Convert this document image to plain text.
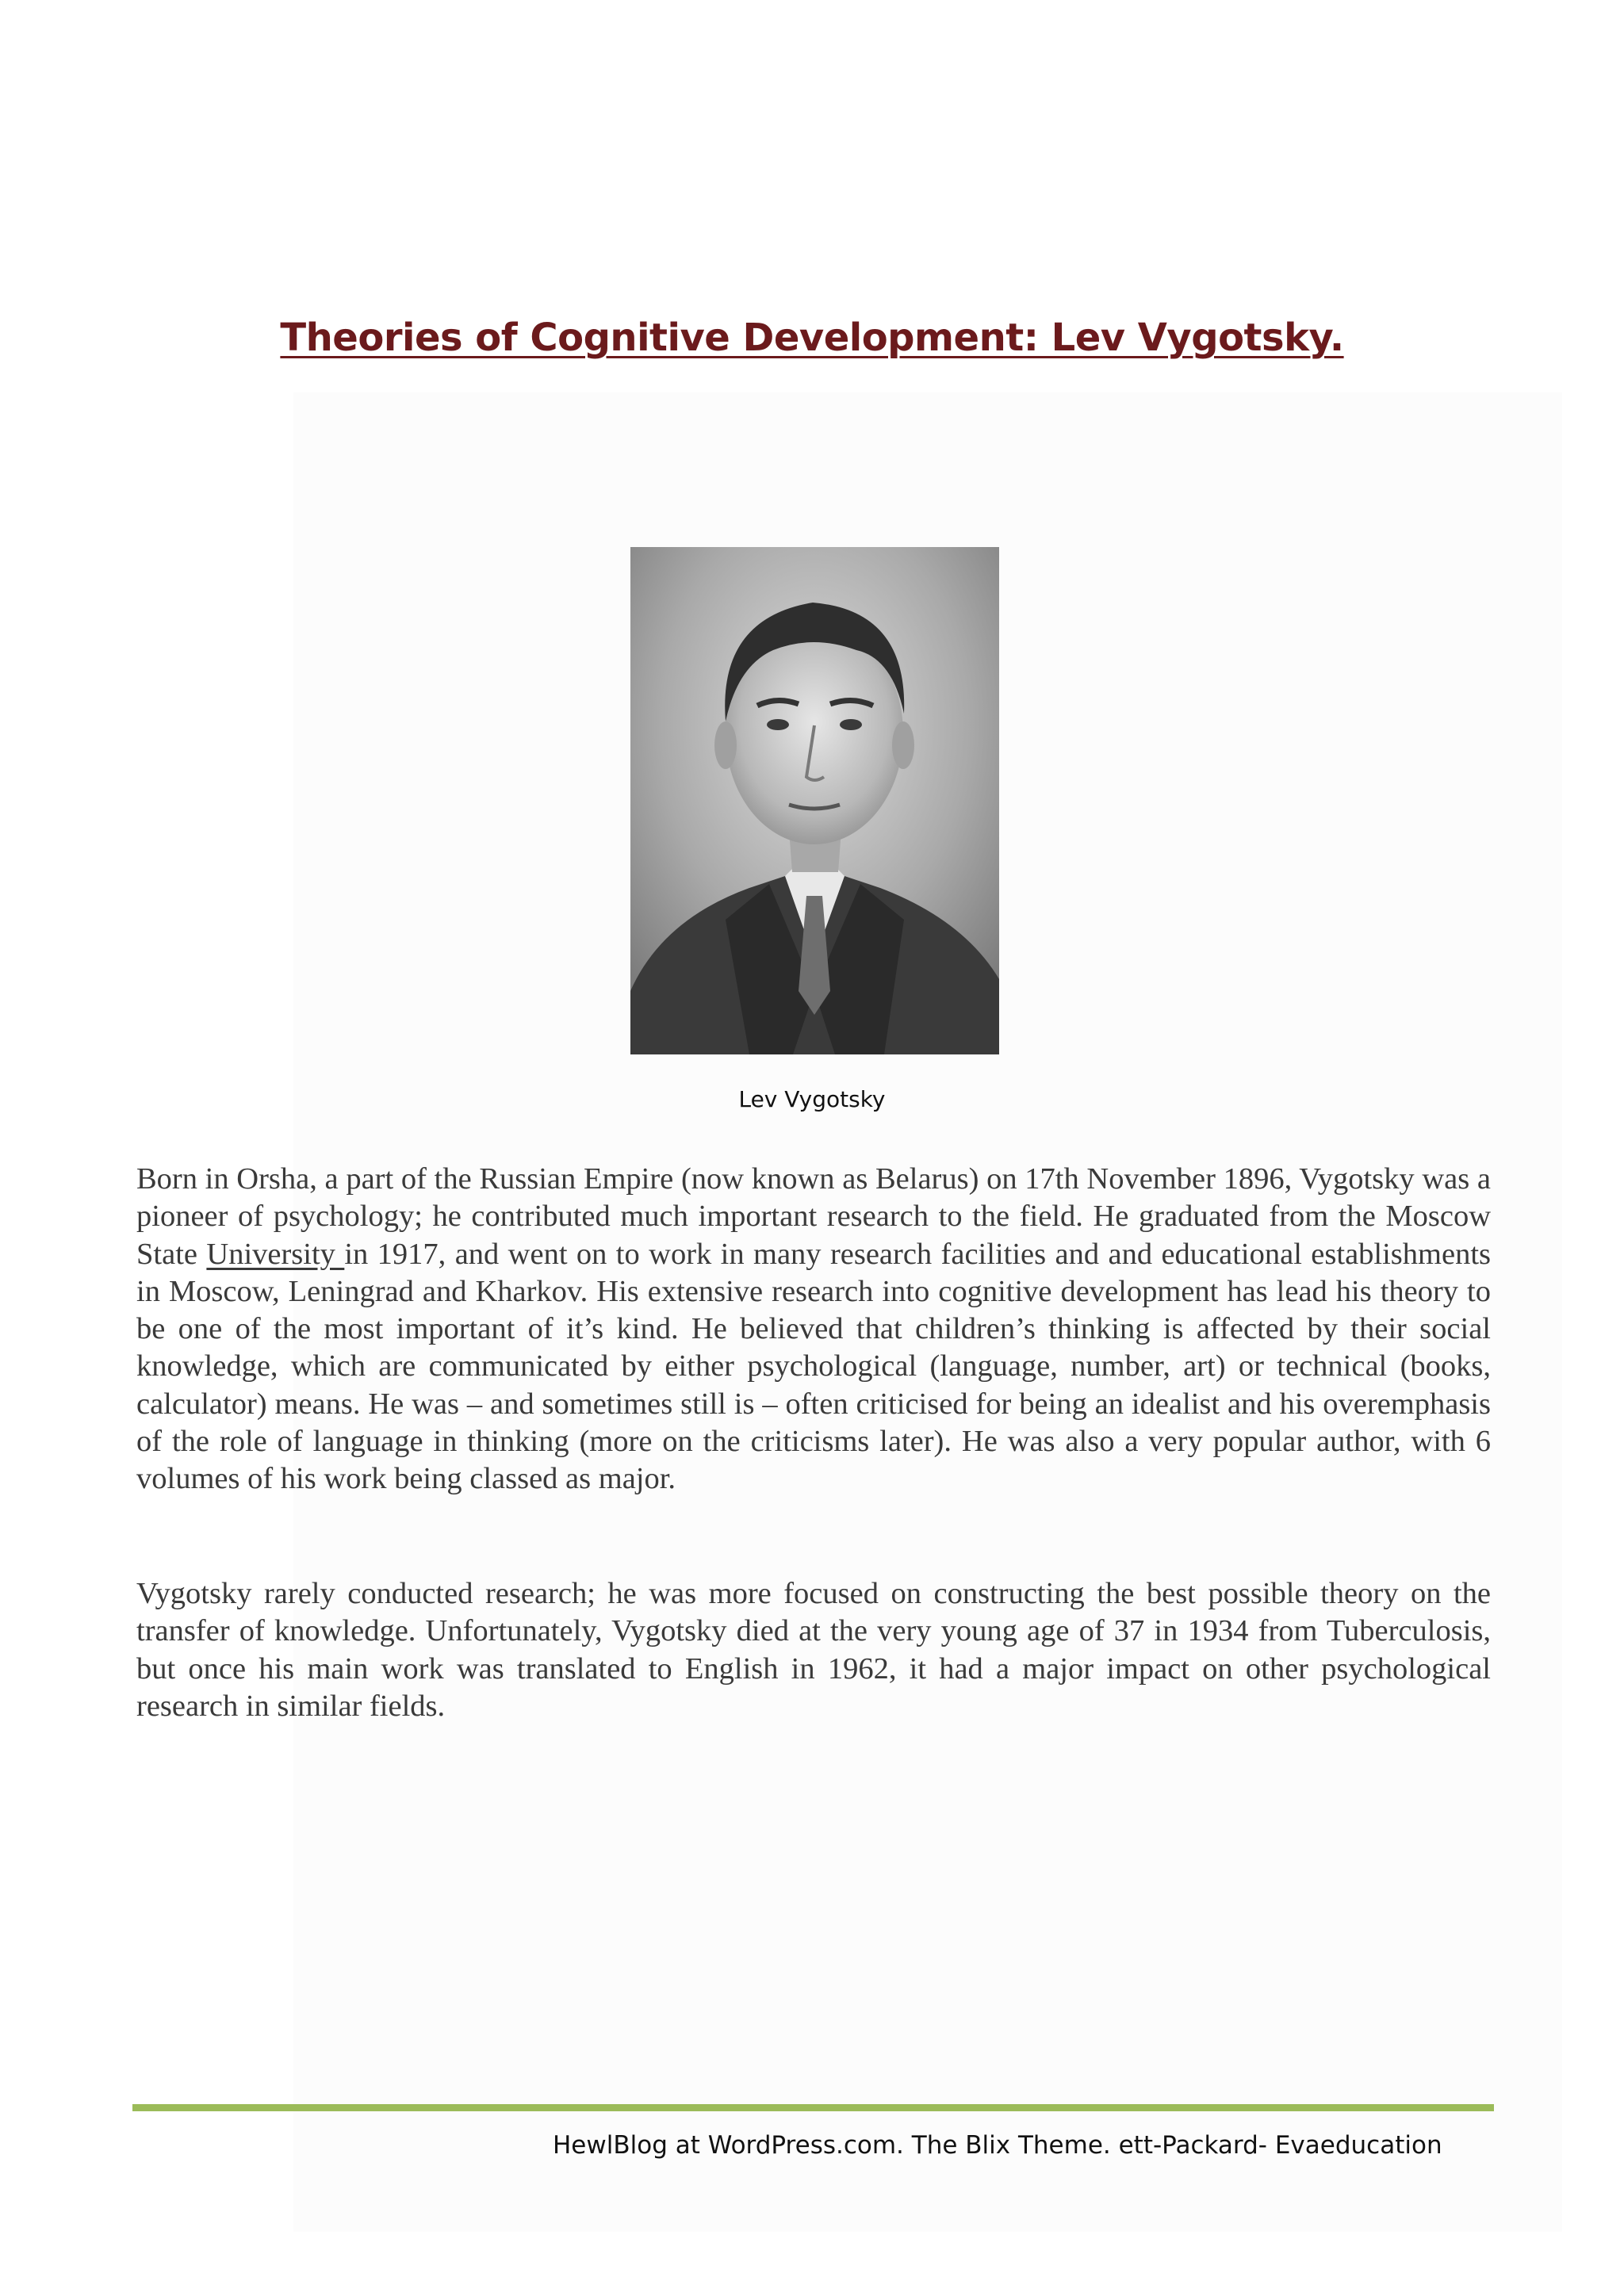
Theories of Cognitive Development: Lev Vygotsky.
Lev Vygotsky

Born in Orsha, a part of the Russian Empire (now known as Belarus) on 17th November 1896, Vygotsky was a pioneer of psychology; he contributed much important research to the field. He graduated from the Moscow State University in 1917, and went on to work in many research facilities and and educational establishments in Moscow, Leningrad and Kharkov. His extensive research into cognitive development has lead his theory to be one of the most important of it’s kind. He believed that children’s thinking is affected by their social knowledge, which are communicated by either psychological (language, number, art) or technical (books, calculator) means. He was – and sometimes still is – often criticised for being an idealist and his overemphasis of the role of language in thinking (more on the criticisms later). He was also a very popular author, with 6 volumes of his work being classed as major.

Vygotsky rarely conducted research; he was more focused on constructing the best possible theory on the transfer of knowledge. Unfortunately, Vygotsky died at the very young age of 37 in 1934 from Tuberculosis, but once his main work was translated to English in 1962, it had a major impact on other psychological research in similar fields.

HewlBlog at WordPress.com. The Blix Theme. ett-Packard- Evaeducation
